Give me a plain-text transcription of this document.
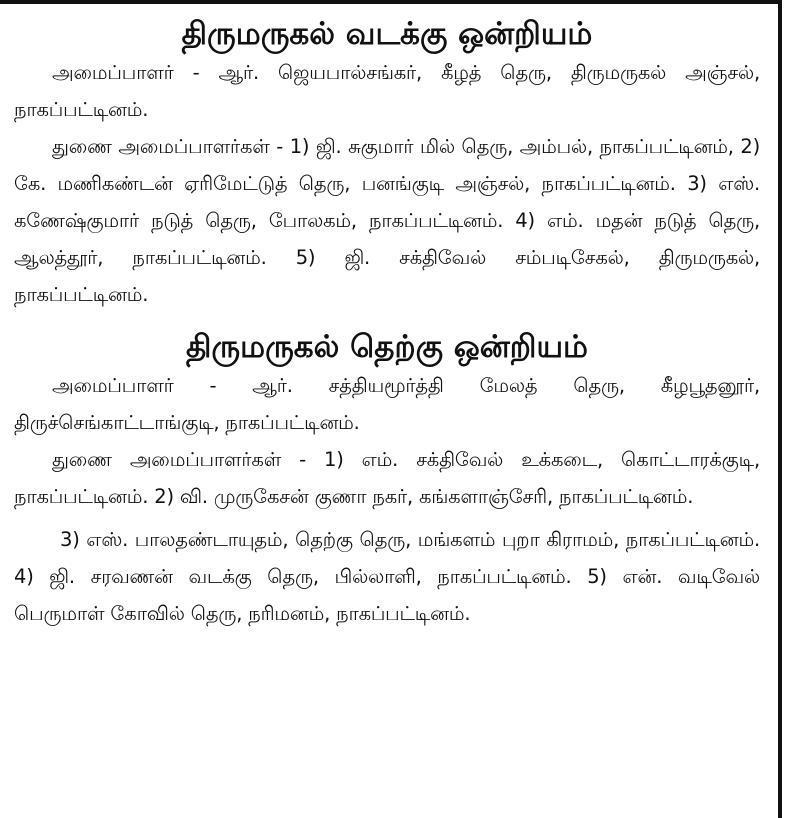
திருமருகல் வடக்கு ஒன்றியம்

அமைப்பாளர் - ஆர். ஜெயபால்சங்கர், கீழத் தெரு, திருமருகல் அஞ்சல், நாகப்பட்டினம்.

துணை அமைப்பாளர்கள் - 1) ஜி. சுகுமார் மில் தெரு, அம்பல், நாகப்பட்டினம், 2) கே. மணிகண்டன் ஏரிமேட்டுத் தெரு, பனங்குடி அஞ்சல், நாகப்பட்டினம். 3) எஸ். கணேஷ்குமார் நடுத் தெரு, போலகம், நாகப்பட்டினம். 4) எம். மதன் நடுத் தெரு, ஆலத்தூர், நாகப்பட்டினம். 5) ஜி. சக்திவேல் சம்படிசேகல், திருமருகல், நாகப்பட்டினம்.

திருமருகல் தெற்கு ஒன்றியம்

அமைப்பாளர் - ஆர். சத்தியமூர்த்தி மேலத் தெரு, கீழபூதனூர், திருச்செங்காட்டாங்குடி, நாகப்பட்டினம்.

துணை அமைப்பாளர்கள் - 1) எம். சக்திவேல் உக்கடை, கொட்டாரக்குடி, நாகப்பட்டினம். 2) வி. முருகேசன் குணா நகர், கங்களாஞ்சேரி, நாகப்பட்டினம்.

3) எஸ். பாலதண்டாயுதம், தெற்கு தெரு, மங்களம் புறா கிராமம், நாகப்பட்டினம். 4) ஜி. சரவணன் வடக்கு தெரு, பில்லாளி, நாகப்பட்டினம். 5) என். வடிவேல் பெருமாள் கோவில் தெரு, நரிமனம், நாகப்பட்டினம்.
